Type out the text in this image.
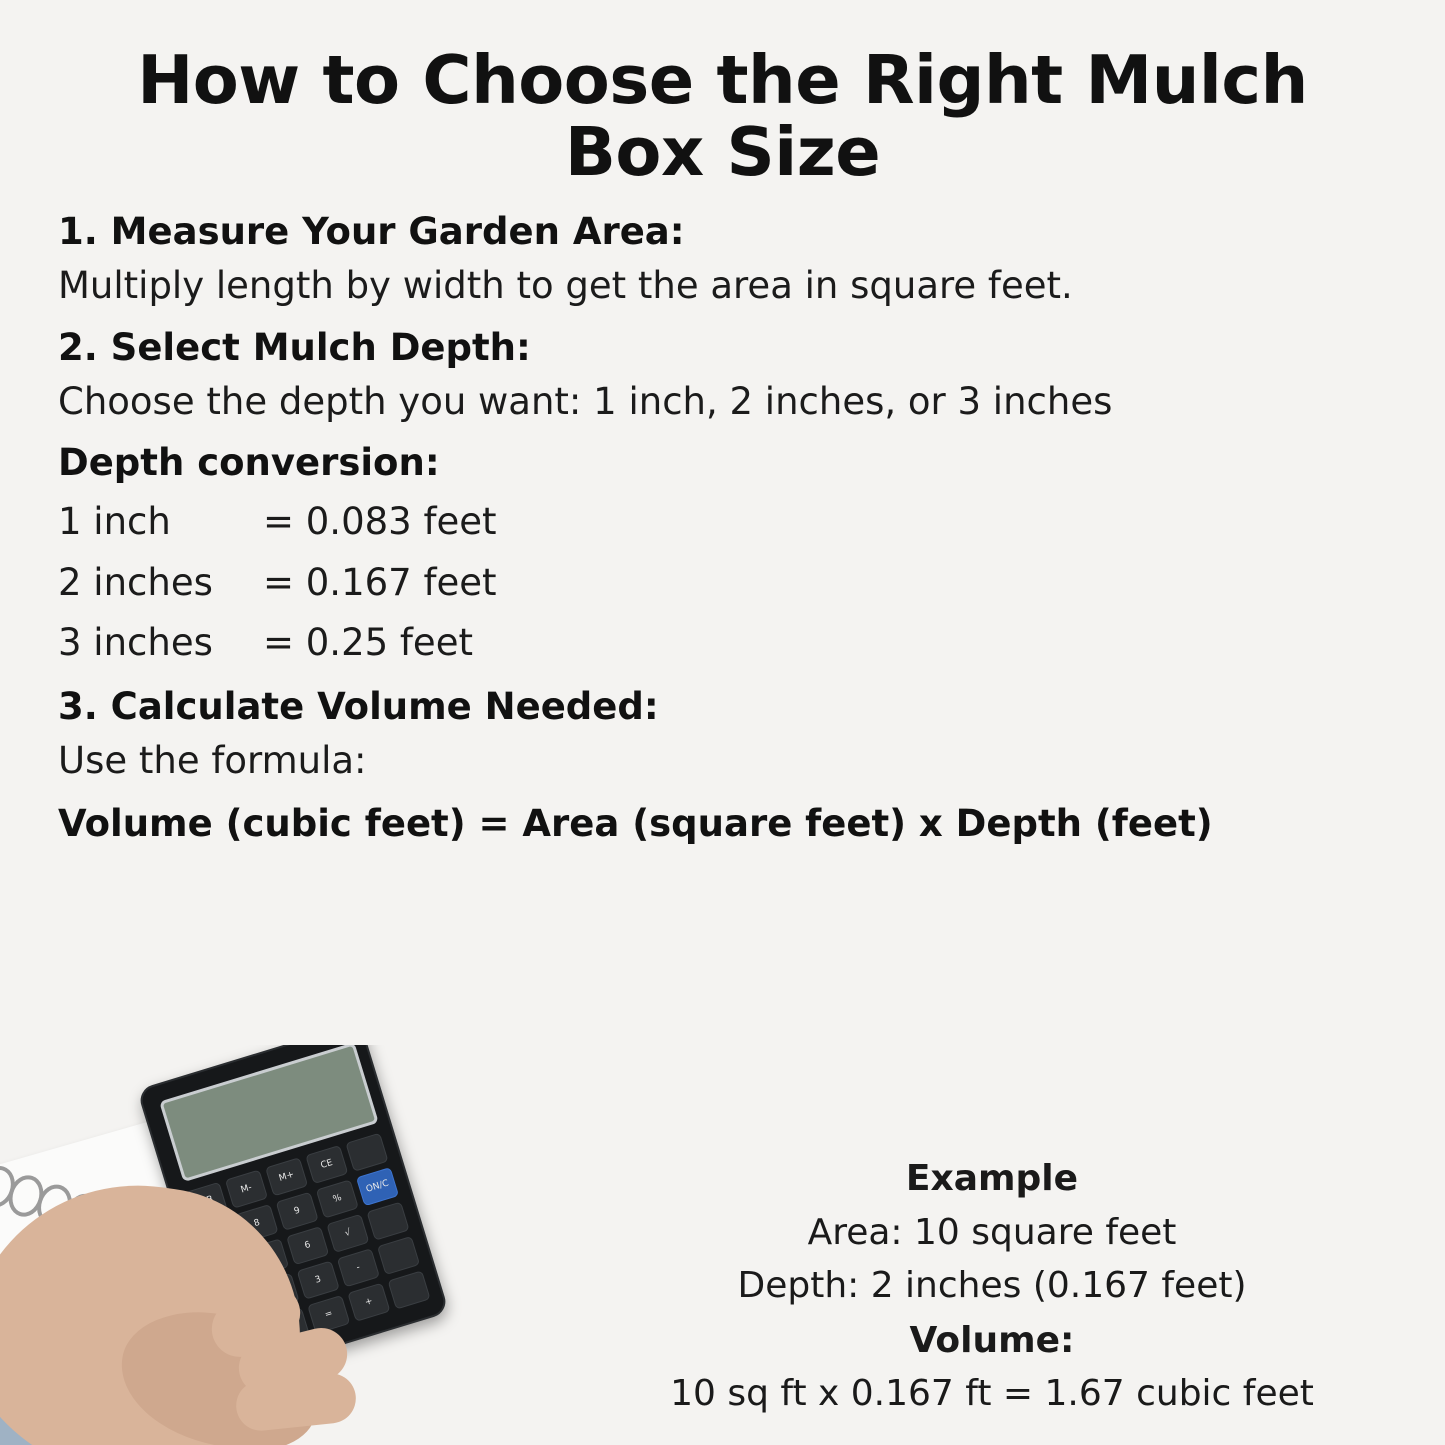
How to Choose the Right Mulch Box Size
1. Measure Your Garden Area:
Multiply length by width to get the area in square feet.
2. Select Mulch Depth:
Choose the depth you want: 1 inch, 2 inches, or 3 inches
Depth conversion:
1 inch	= 0.083 feet
2 inches	= 0.167 feet
3 inches	= 0.25 feet
3. Calculate Volume Needed:
Use the formula:
Volume (cubic feet) = Area (square feet) x Depth (feet)
M-
M+
CE
8
9
%
ON/C
6
√
3
-
=
+
Example
Area: 10 square feet
Depth: 2 inches (0.167 feet)
Volume:
10 sq ft x 0.167 ft = 1.67 cubic feet
